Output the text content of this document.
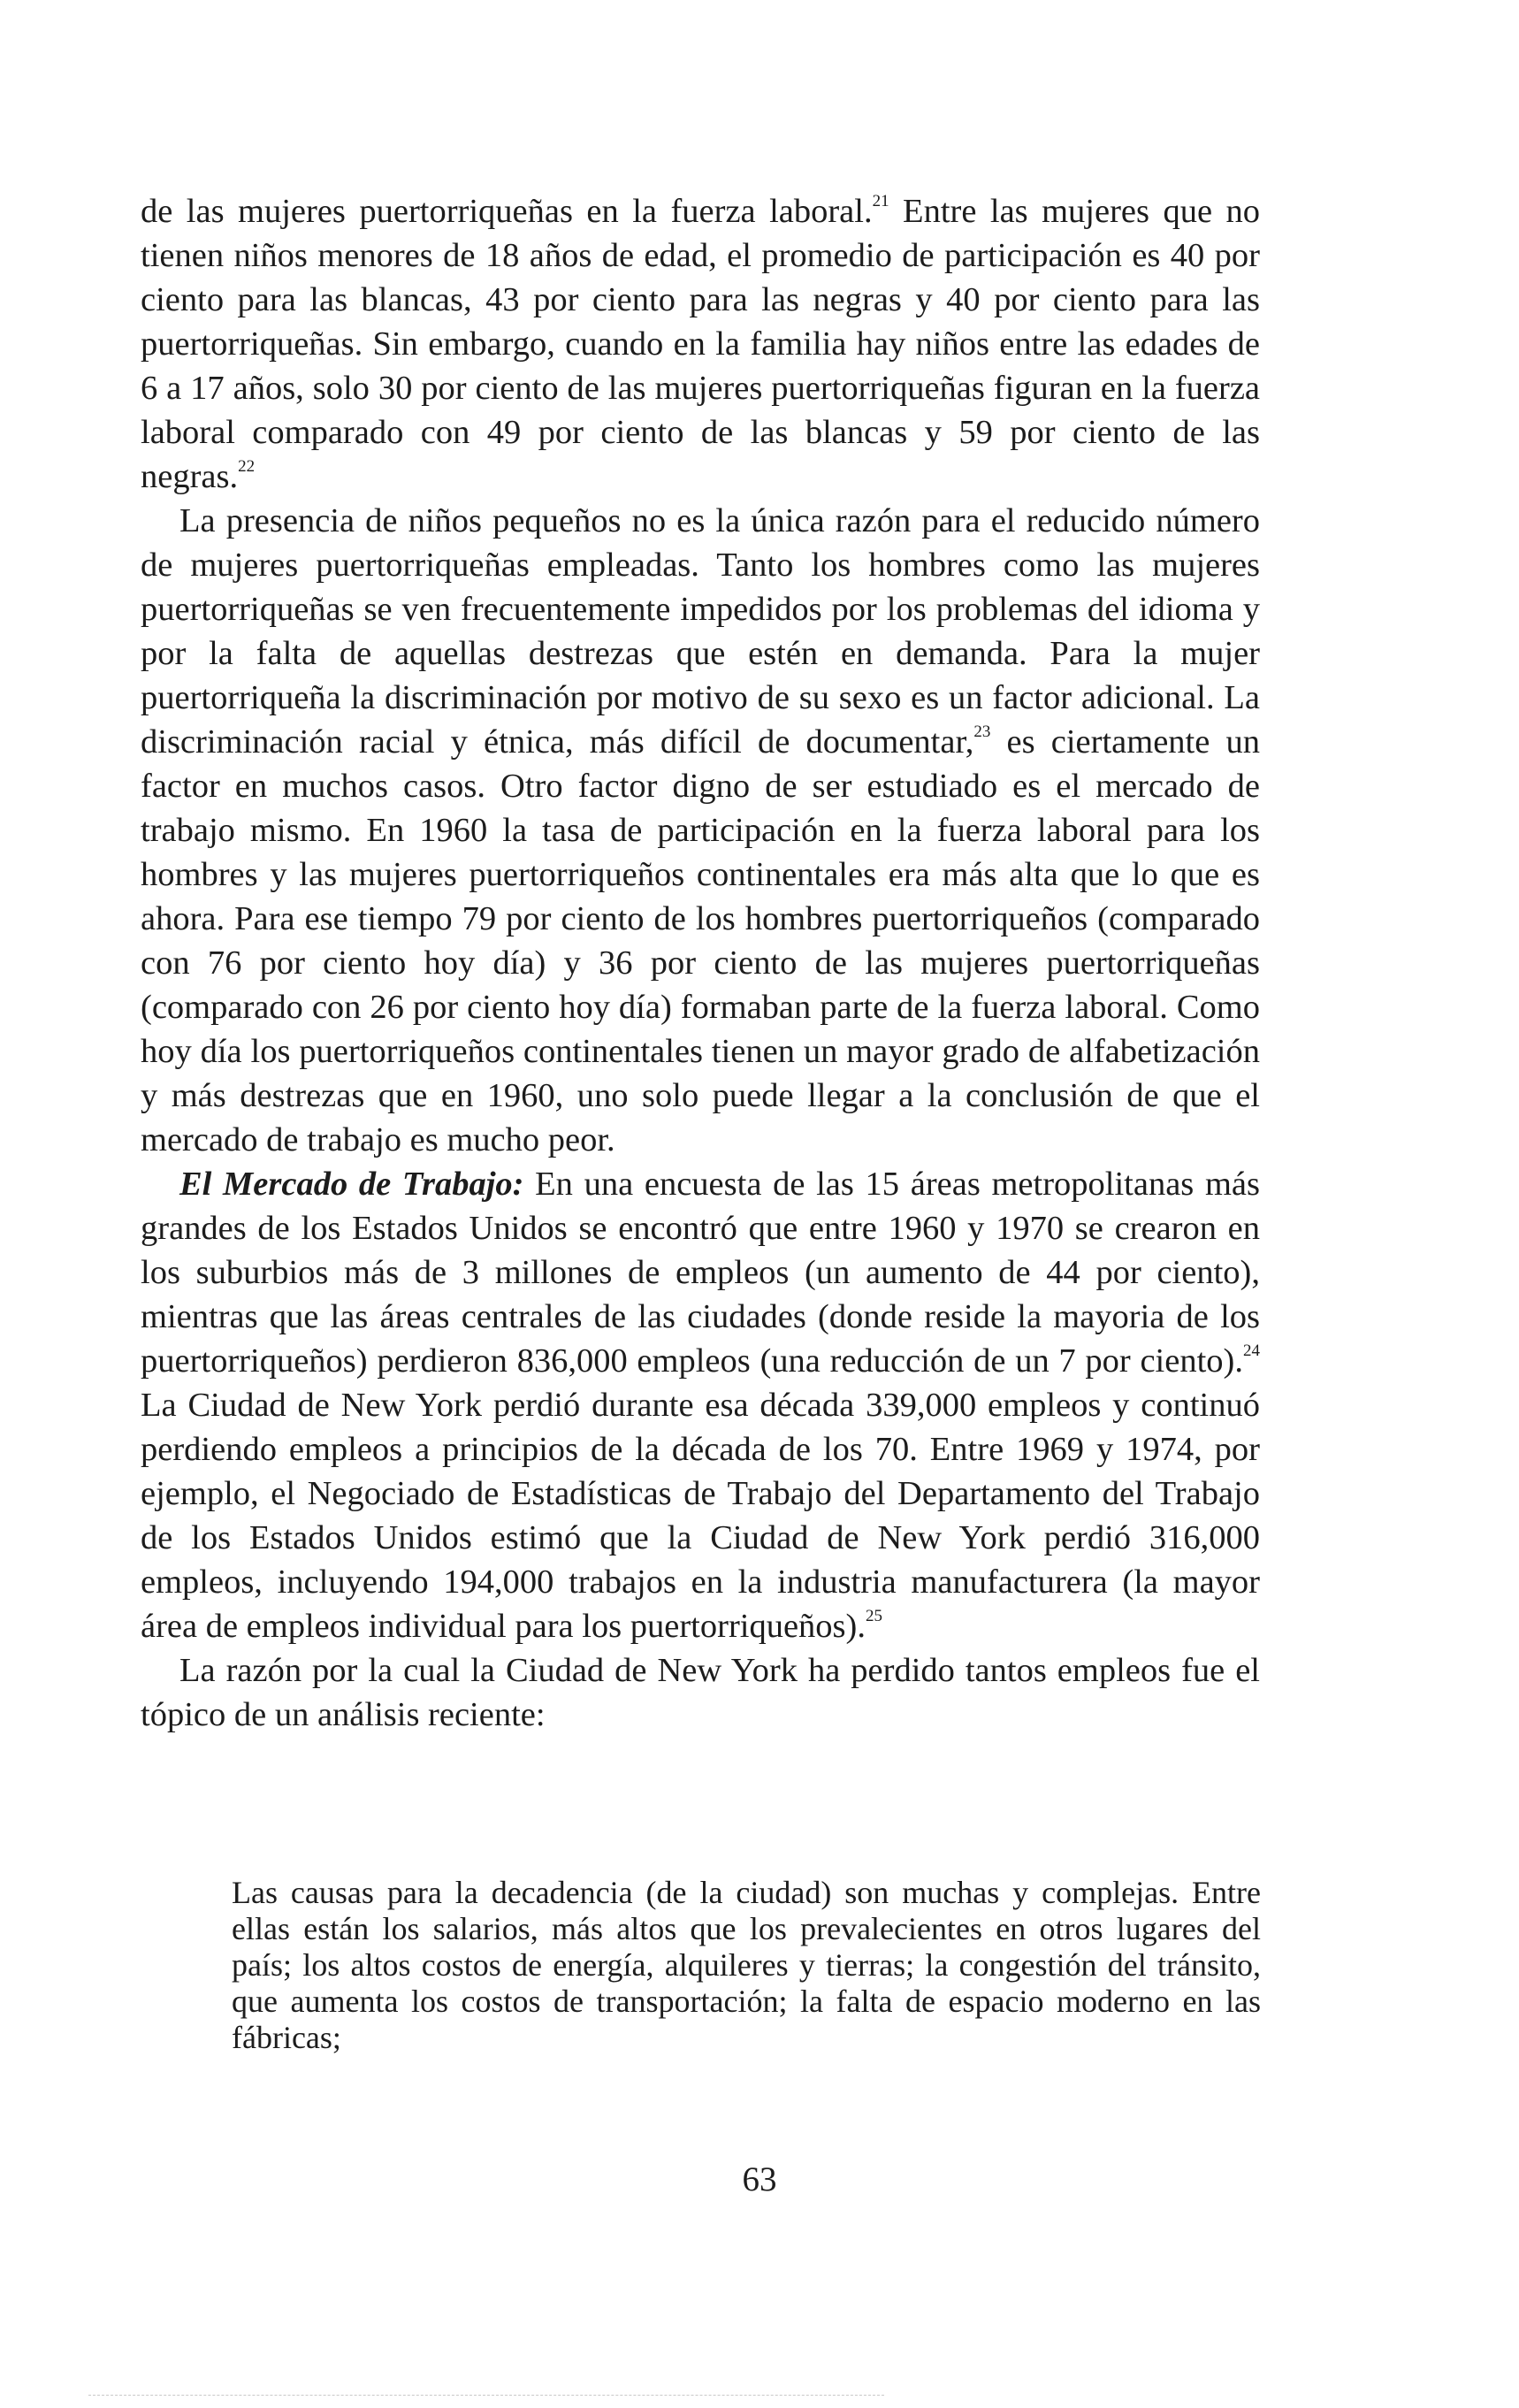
de las mujeres puertorriqueñas en la fuerza laboral.$^{21}$ Entre las mujeres que no tienen niños menores de 18 años de edad, el promedio de participación es 40 por ciento para las blancas, 43 por ciento para las negras y 40 por ciento para las puertorriqueñas. Sin embargo, cuando en la familia hay niños entre las edades de 6 a 17 años, solo 30 por ciento de las mujeres puertorriqueñas figuran en la fuerza laboral comparado con 49 por ciento de las blancas y 59 por ciento de las negras.$^{22}$

La presencia de niños pequeños no es la única razón para el reducido número de mujeres puertorriqueñas empleadas. Tanto los hombres como las mujeres puertorriqueñas se ven frecuentemente impedidos por los problemas del idioma y por la falta de aquellas destrezas que estén en demanda. Para la mujer puertorriqueña la discriminación por motivo de su sexo es un factor adicional. La discriminación racial y étnica, más difícil de documentar,$^{23}$ es ciertamente un factor en muchos casos. Otro factor digno de ser estudiado es el mercado de trabajo mismo. En 1960 la tasa de participación en la fuerza laboral para los hombres y las mujeres puertorriqueños continentales era más alta que lo que es ahora. Para ese tiempo 79 por ciento de los hombres puertorriqueños (comparado con 76 por ciento hoy día) y 36 por ciento de las mujeres puertorriqueñas (comparado con 26 por ciento hoy día) formaban parte de la fuerza laboral. Como hoy día los puertorriqueños continentales tienen un mayor grado de alfabetización y más destrezas que en 1960, uno solo puede llegar a la conclusión de que el mercado de trabajo es mucho peor.

El Mercado de Trabajo: En una encuesta de las 15 áreas metropolitanas más grandes de los Estados Unidos se encontró que entre 1960 y 1970 se crearon en los suburbios más de 3 millones de empleos (un aumento de 44 por ciento), mientras que las áreas centrales de las ciudades (donde reside la mayoria de los puertorriqueños) perdieron 836,000 empleos (una reducción de un 7 por ciento).$^{24}$ La Ciudad de New York perdió durante esa década 339,000 empleos y continuó perdiendo empleos a principios de la década de los 70. Entre 1969 y 1974, por ejemplo, el Negociado de Estadísticas de Trabajo del Departamento del Trabajo de los Estados Unidos estimó que la Ciudad de New York perdió 316,000 empleos, incluyendo 194,000 trabajos en la industria manufacturera (la mayor área de empleos individual para los puertorriqueños).$^{25}$

La razón por la cual la Ciudad de New York ha perdido tantos empleos fue el tópico de un análisis reciente:

Las causas para la decadencia (de la ciudad) son muchas y complejas. Entre ellas están los salarios, más altos que los prevalecientes en otros lugares del país; los altos costos de energía, alquileres y tierras; la congestión del tránsito, que aumenta los costos de transportación; la falta de espacio moderno en las fábricas;

63
